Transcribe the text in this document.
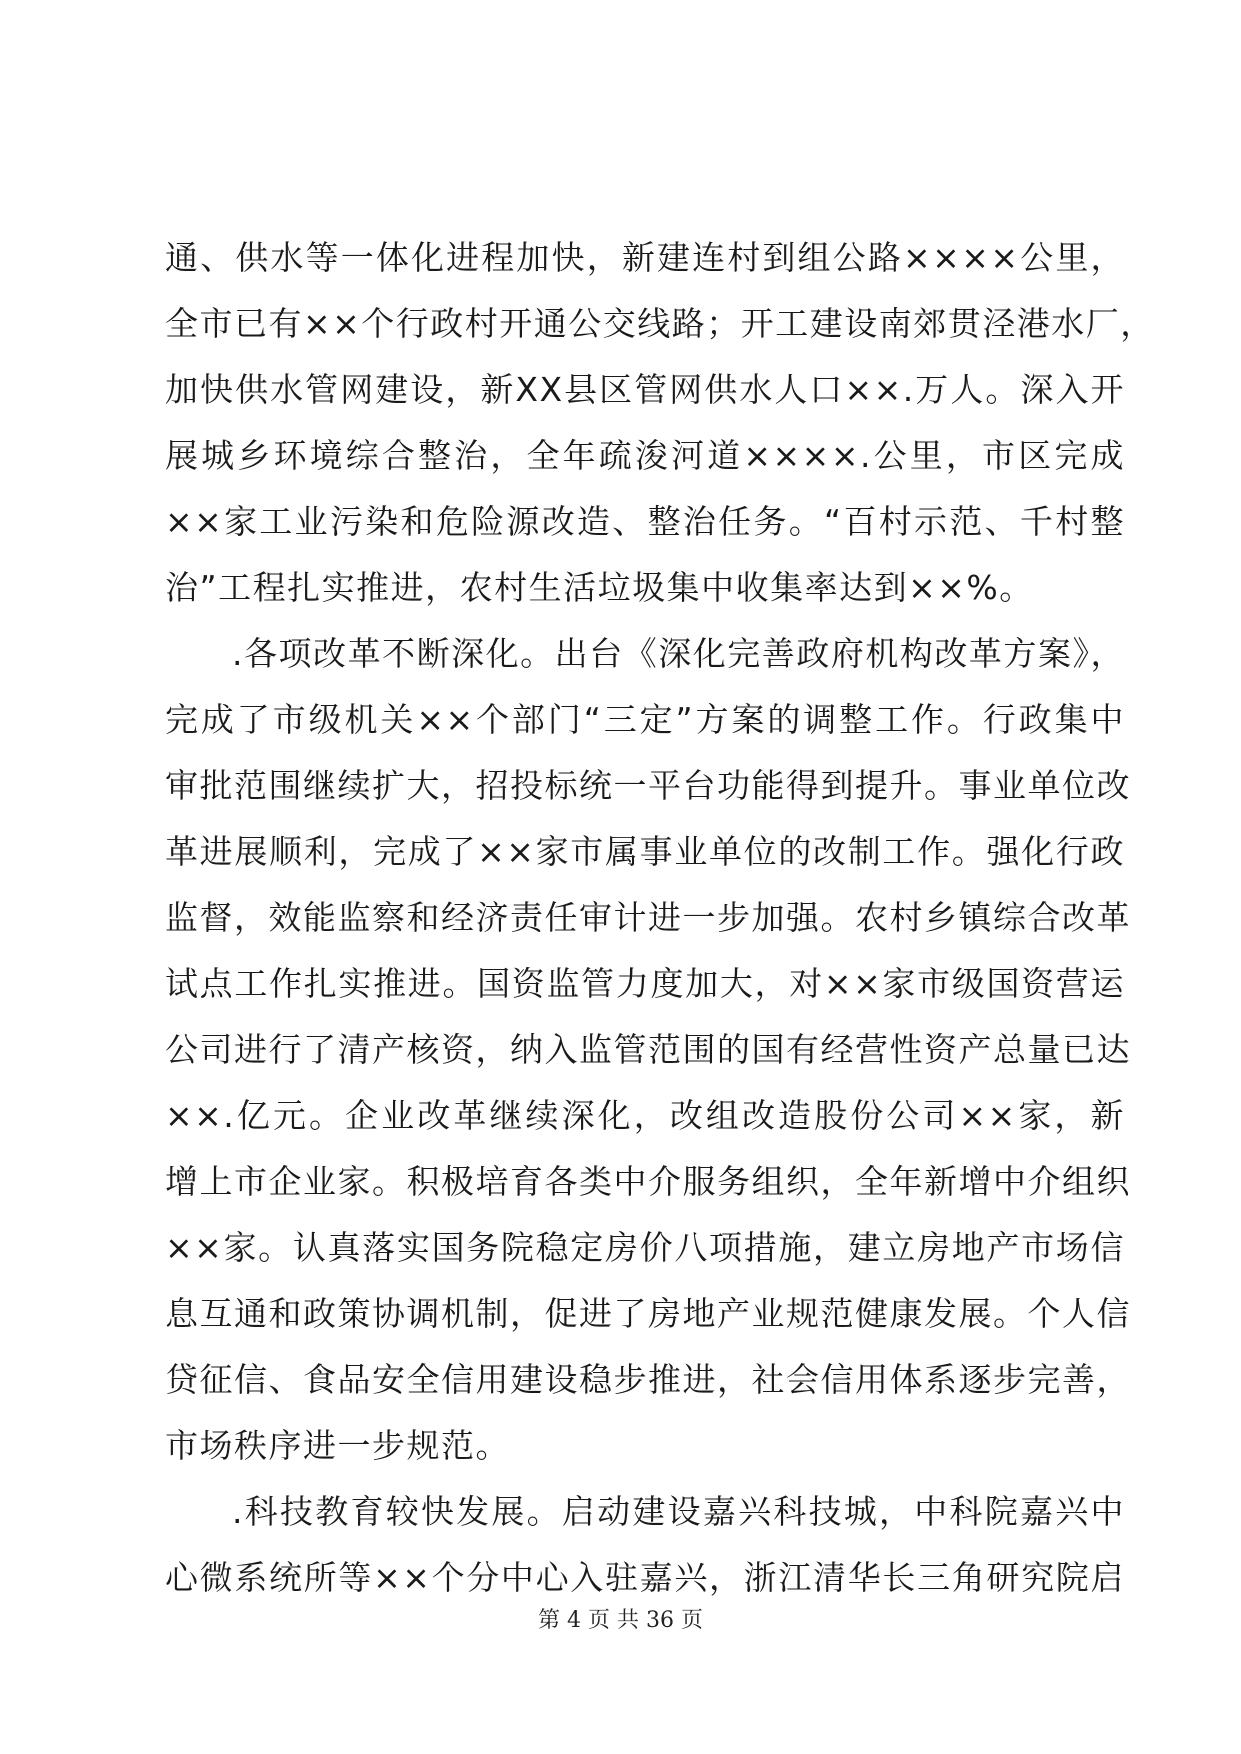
通、供水等一体化进程加快，新建连村到组公路××××公里，
全市已有××个行政村开通公交线路；开工建设南郊贯泾港水厂，
加快供水管网建设，新XX县区管网供水人口××.万人。深入开
展城乡环境综合整治，全年疏浚河道××××.公里，市区完成
××家工业污染和危险源改造、整治任务。“百村示范、千村整
治”工程扎实推进，农村生活垃圾集中收集率达到××%。
.各项改革不断深化。出台《深化完善政府机构改革方案》，
完成了市级机关××个部门“三定”方案的调整工作。行政集中
审批范围继续扩大，招投标统一平台功能得到提升。事业单位改
革进展顺利，完成了××家市属事业单位的改制工作。强化行政
监督，效能监察和经济责任审计进一步加强。农村乡镇综合改革
试点工作扎实推进。国资监管力度加大，对××家市级国资营运
公司进行了清产核资，纳入监管范围的国有经营性资产总量已达
××.亿元。企业改革继续深化，改组改造股份公司××家，新
增上市企业家。积极培育各类中介服务组织，全年新增中介组织
××家。认真落实国务院稳定房价八项措施，建立房地产市场信
息互通和政策协调机制，促进了房地产业规范健康发展。个人信
贷征信、食品安全信用建设稳步推进，社会信用体系逐步完善，
市场秩序进一步规范。
.科技教育较快发展。启动建设嘉兴科技城，中科院嘉兴中
心微系统所等××个分中心入驻嘉兴，浙江清华长三角研究院启
第 4 页 共 36 页
